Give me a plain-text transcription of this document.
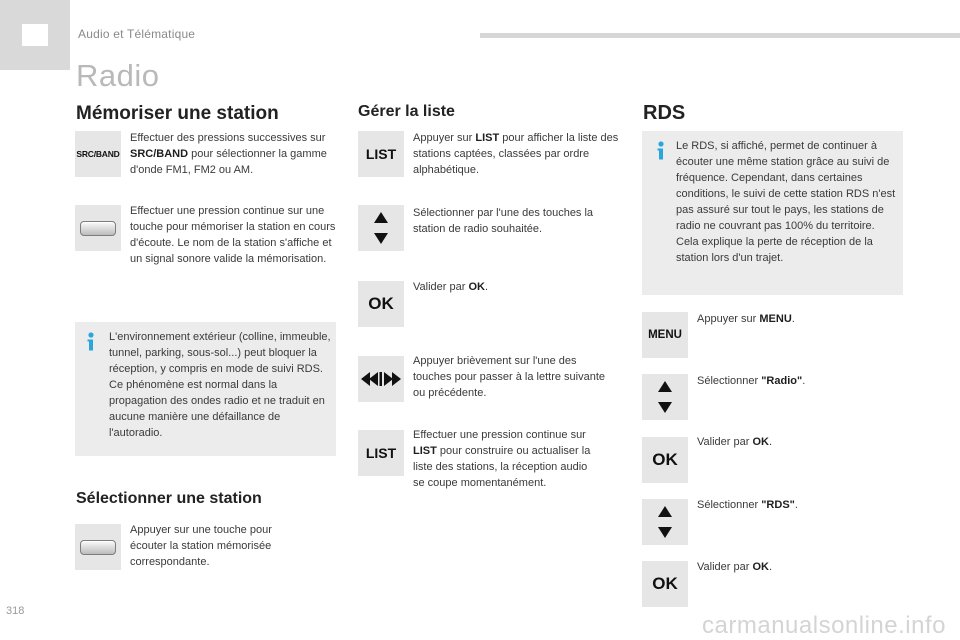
Audio et Télématique
Radio
Mémoriser une station
SRC/BAND
Effectuer des pressions successives sur SRC/BAND pour sélectionner la gamme d'onde FM1, FM2 ou AM.
Effectuer une pression continue sur une touche pour mémoriser la station en cours d'écoute. Le nom de la station s'affiche et un signal sonore valide la mémorisation.
L'environnement extérieur (colline, immeuble, tunnel, parking, sous-sol...) peut bloquer la réception, y compris en mode de suivi RDS. Ce phénomène est normal dans la propagation des ondes radio et ne traduit en aucune manière une défaillance de l'autoradio.
Sélectionner une station
Appuyer sur une touche pour écouter la station mémorisée correspondante.
Gérer la liste
LIST
Appuyer sur LIST pour afficher la liste des stations captées, classées par ordre alphabétique.
Sélectionner par l'une des touches la station de radio souhaitée.
OK
Valider par OK.
Appuyer brièvement sur l'une des touches pour passer à la lettre suivante ou précédente.
LIST
Effectuer une pression continue sur LIST pour construire ou actualiser la liste des stations, la réception audio se coupe momentanément.
RDS
Le RDS, si affiché, permet de continuer à écouter une même station grâce au suivi de fréquence. Cependant, dans certaines conditions, le suivi de cette station RDS n'est pas assuré sur tout le pays, les stations de radio ne couvrant pas 100% du territoire. Cela explique la perte de réception de la station lors d'un trajet.
MENU
Appuyer sur MENU.
Sélectionner "Radio".
OK
Valider par OK.
Sélectionner "RDS".
OK
Valider par OK.
318
carmanualsonline.info
